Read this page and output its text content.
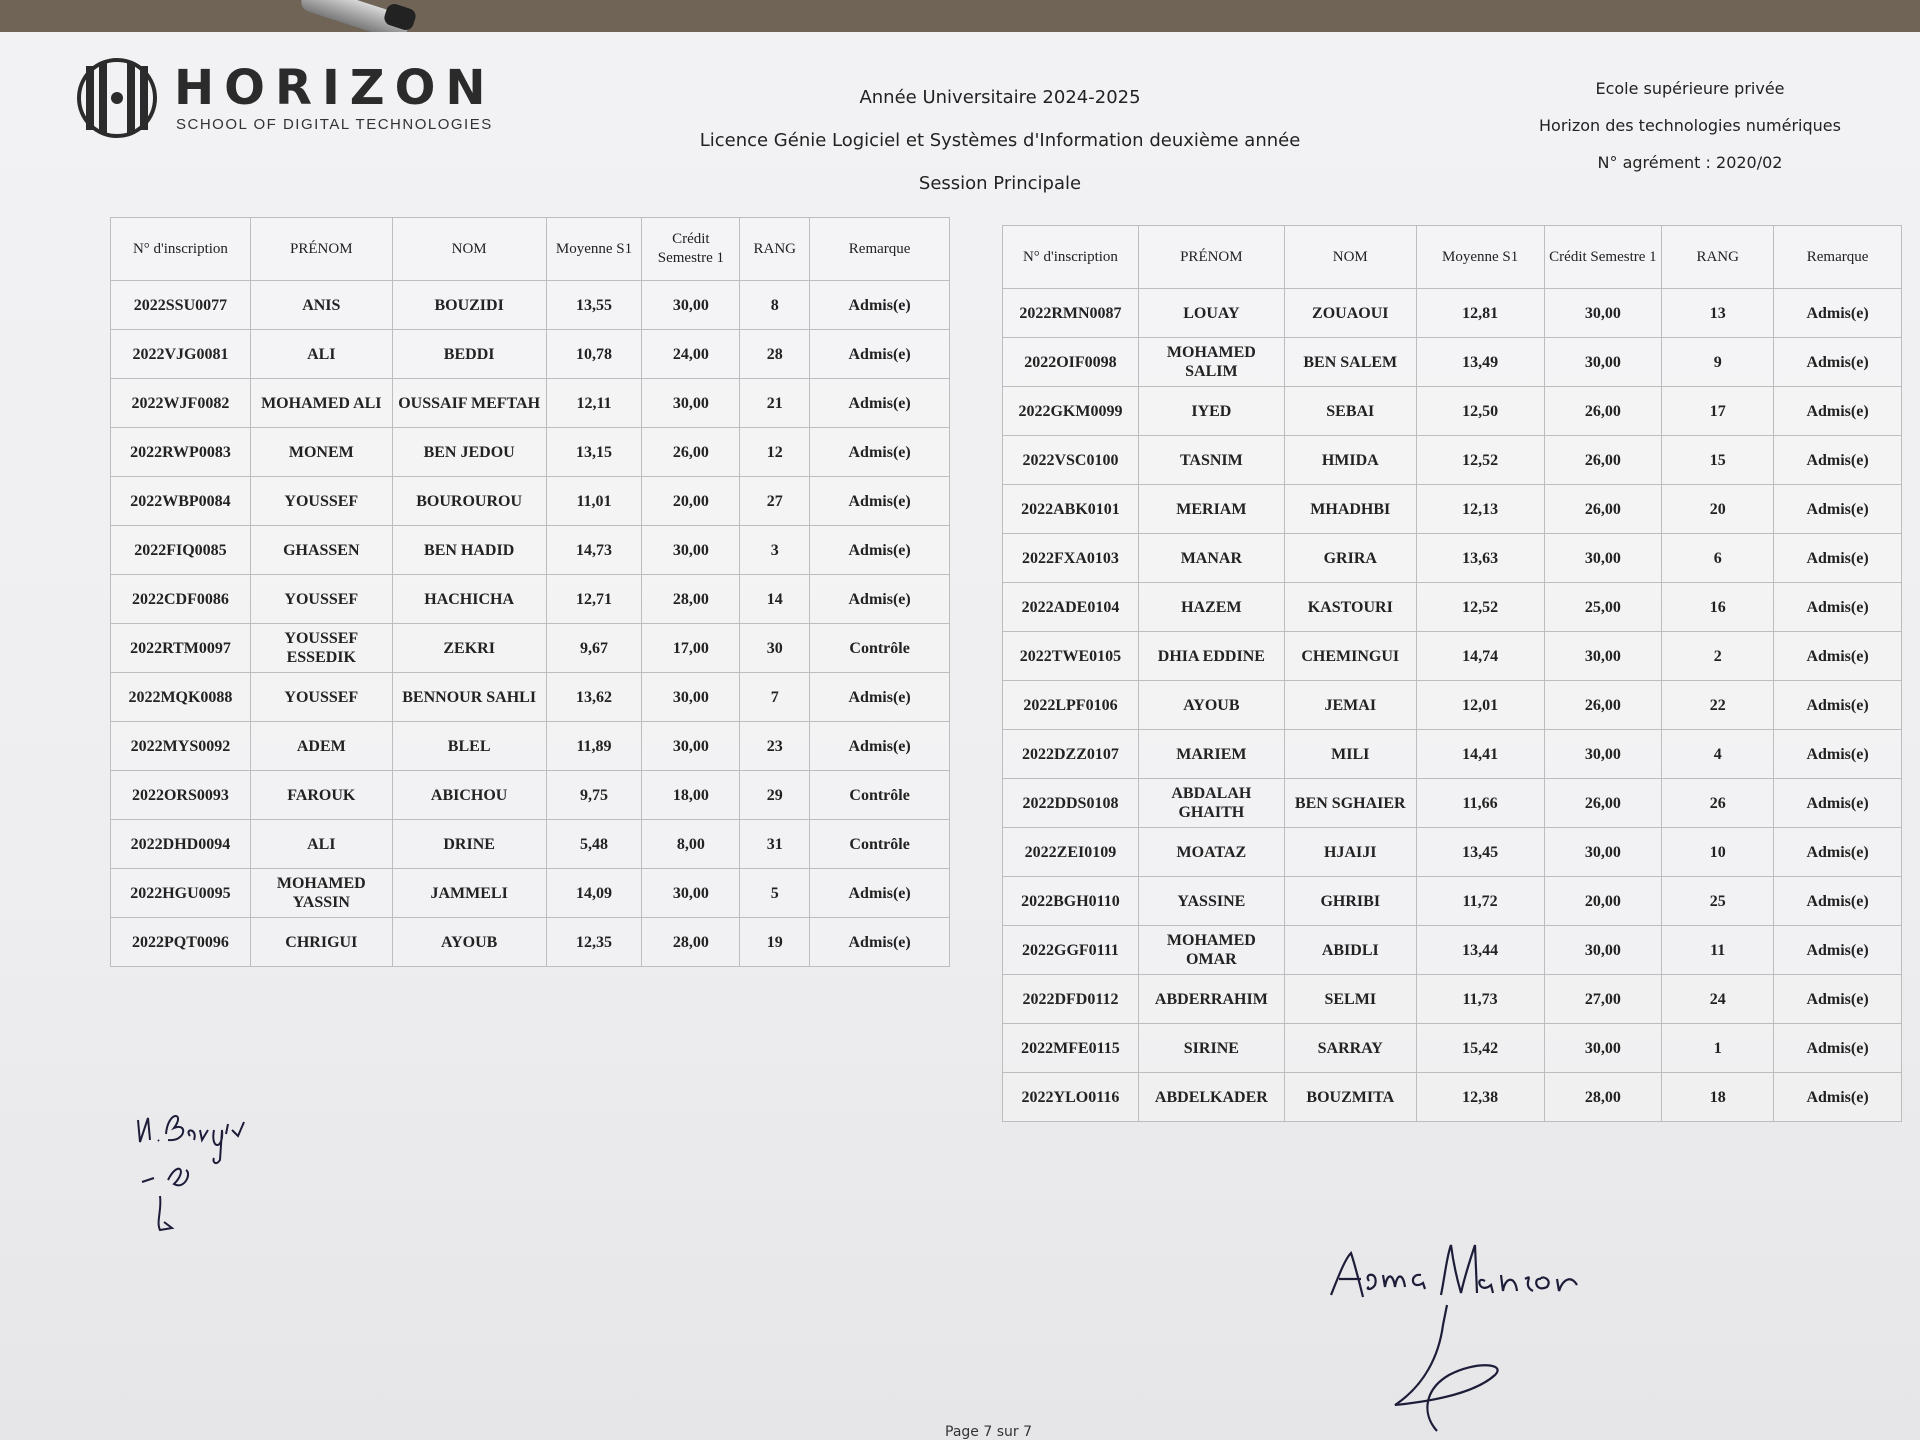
HORIZON
SCHOOL OF DIGITAL TECHNOLOGIES
Année Universitaire 2024-2025
Licence Génie Logiciel et Systèmes d'Information deuxième année
Session Principale
Ecole supérieure privée
Horizon des technologies numériques
N° agrément : 2020/02
N° d'inscription	PRÉNOM	NOM	Moyenne S1	Crédit Semestre 1	RANG	Remarque
2022SSU0077	ANIS	BOUZIDI	13,55	30,00	8	Admis(e)
2022VJG0081	ALI	BEDDI	10,78	24,00	28	Admis(e)
2022WJF0082	MOHAMED ALI	OUSSAIF MEFTAH	12,11	30,00	21	Admis(e)
2022RWP0083	MONEM	BEN JEDOU	13,15	26,00	12	Admis(e)
2022WBP0084	YOUSSEF	BOUROUROU	11,01	20,00	27	Admis(e)
2022FIQ0085	GHASSEN	BEN HADID	14,73	30,00	3	Admis(e)
2022CDF0086	YOUSSEF	HACHICHA	12,71	28,00	14	Admis(e)
2022RTM0097	YOUSSEF ESSEDIK	ZEKRI	9,67	17,00	30	Contrôle
2022MQK0088	YOUSSEF	BENNOUR SAHLI	13,62	30,00	7	Admis(e)
2022MYS0092	ADEM	BLEL	11,89	30,00	23	Admis(e)
2022ORS0093	FAROUK	ABICHOU	9,75	18,00	29	Contrôle
2022DHD0094	ALI	DRINE	5,48	8,00	31	Contrôle
2022HGU0095	MOHAMED YASSIN	JAMMELI	14,09	30,00	5	Admis(e)
2022PQT0096	CHRIGUI	AYOUB	12,35	28,00	19	Admis(e)
N° d'inscription	PRÉNOM	NOM	Moyenne S1	Crédit Semestre 1	RANG	Remarque
2022RMN0087	LOUAY	ZOUAOUI	12,81	30,00	13	Admis(e)
2022OIF0098	MOHAMED SALIM	BEN SALEM	13,49	30,00	9	Admis(e)
2022GKM0099	IYED	SEBAI	12,50	26,00	17	Admis(e)
2022VSC0100	TASNIM	HMIDA	12,52	26,00	15	Admis(e)
2022ABK0101	MERIAM	MHADHBI	12,13	26,00	20	Admis(e)
2022FXA0103	MANAR	GRIRA	13,63	30,00	6	Admis(e)
2022ADE0104	HAZEM	KASTOURI	12,52	25,00	16	Admis(e)
2022TWE0105	DHIA EDDINE	CHEMINGUI	14,74	30,00	2	Admis(e)
2022LPF0106	AYOUB	JEMAI	12,01	26,00	22	Admis(e)
2022DZZ0107	MARIEM	MILI	14,41	30,00	4	Admis(e)
2022DDS0108	ABDALAH GHAITH	BEN SGHAIER	11,66	26,00	26	Admis(e)
2022ZEI0109	MOATAZ	HJAIJI	13,45	30,00	10	Admis(e)
2022BGH0110	YASSINE	GHRIBI	11,72	20,00	25	Admis(e)
2022GGF0111	MOHAMED OMAR	ABIDLI	13,44	30,00	11	Admis(e)
2022DFD0112	ABDERRAHIM	SELMI	11,73	27,00	24	Admis(e)
2022MFE0115	SIRINE	SARRAY	15,42	30,00	1	Admis(e)
2022YLO0116	ABDELKADER	BOUZMITA	12,38	28,00	18	Admis(e)
Page 7 sur 7
